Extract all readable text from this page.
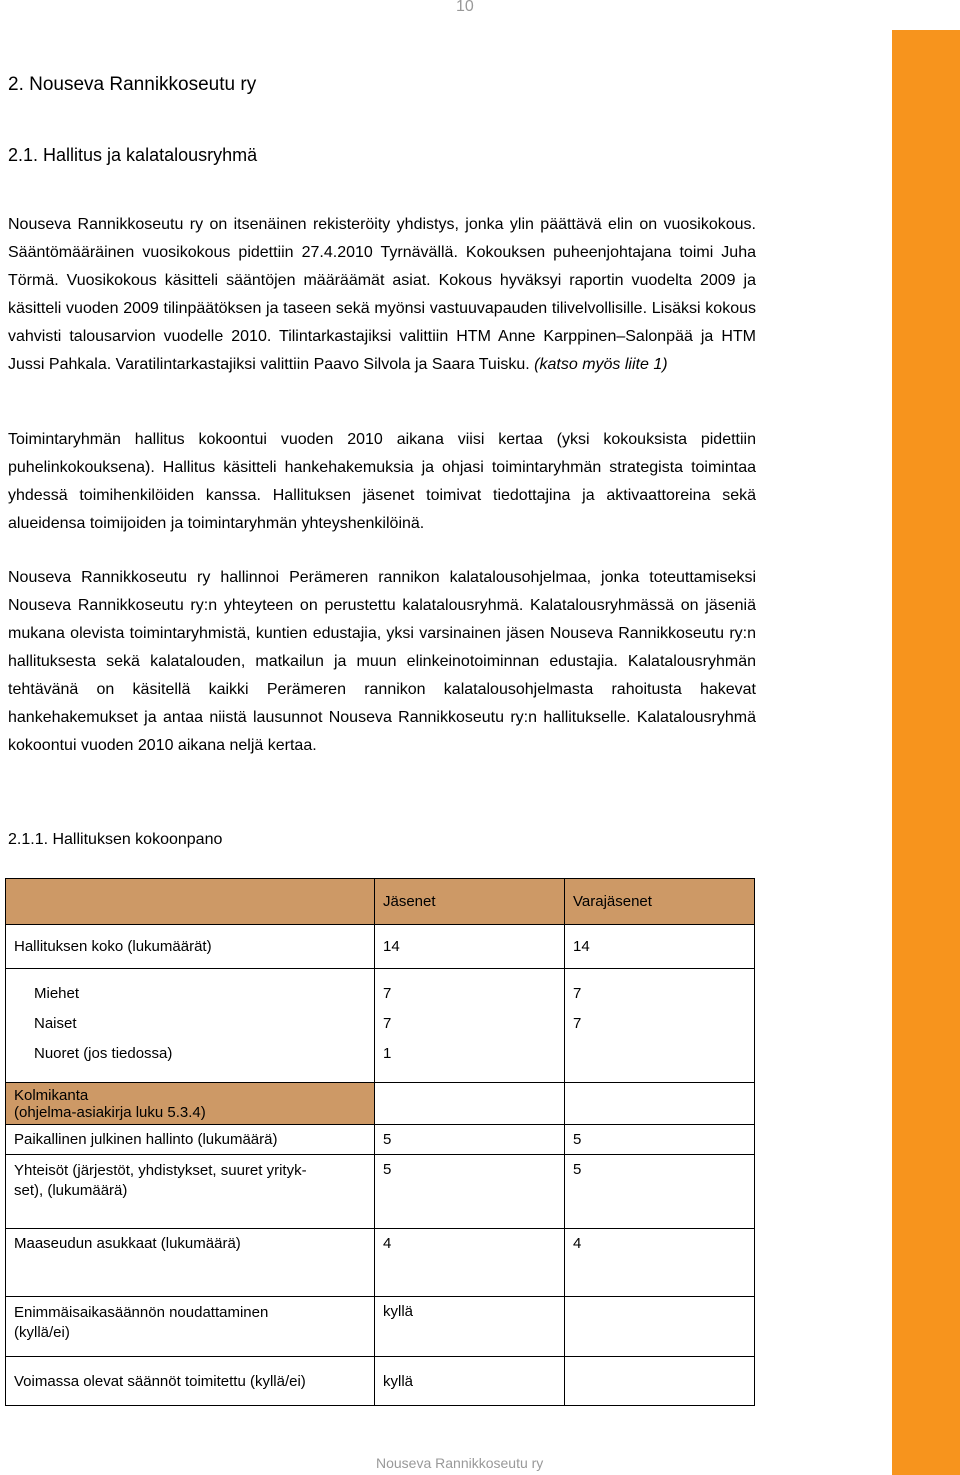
10
2. Nouseva Rannikkoseutu ry
2.1. Hallitus ja kalatalousryhmä
Nouseva Rannikkoseutu ry on itsenäinen rekisteröity yhdistys, jonka ylin päättävä elin on vuosikokous. Sääntömääräinen vuosikokous pidettiin 27.4.2010 Tyrnävällä. Kokouksen puheenjohtajana toimi Juha Törmä. Vuosikokous käsitteli sääntöjen määräämät asiat. Kokous hyväksyi raportin vuodelta 2009 ja käsitteli vuoden 2009 tilinpäätöksen ja taseen sekä myönsi vastuuvapauden tilivelvollisille. Lisäksi kokous vahvisti talousarvion vuodelle 2010. Tilintarkastajiksi valittiin HTM Anne Karppinen–Salonpää ja HTM Jussi Pahkala. Varatilintarkastajiksi valittiin Paavo Silvola ja Saara Tuisku. (katso myös liite 1)
Toimintaryhmän hallitus kokoontui vuoden 2010 aikana viisi kertaa (yksi kokouksista pidettiin puhelinkokouksena). Hallitus käsitteli hankehakemuksia ja ohjasi toimintaryhmän strategista toimintaa yhdessä toimihenkilöiden kanssa. Hallituksen jäsenet toimivat tiedottajina ja aktivaattoreina sekä alueidensa toimijoiden ja toimintaryhmän yhteyshenkilöinä.
Nouseva Rannikkoseutu ry hallinnoi Perämeren rannikon kalatalousohjelmaa, jonka toteuttamiseksi Nouseva Rannikkoseutu ry:n yhteyteen on perustettu kalatalousryhmä. Kalatalousryhmässä on jäseniä mukana olevista toimintaryhmistä, kuntien edustajia, yksi varsinainen jäsen Nouseva Rannikkoseutu ry:n hallituksesta sekä kalatalouden, matkailun ja muun elinkeinotoiminnan edustajia. Kalatalousryhmän tehtävänä on käsitellä kaikki Perämeren rannikon kalatalousohjelmasta rahoitusta hakevat hankehakemukset ja antaa niistä lausunnot Nouseva Rannikkoseutu ry:n hallitukselle. Kalatalousryhmä kokoontui vuoden 2010 aikana neljä kertaa.
2.1.1. Hallituksen kokoonpano
	Jäsenet	Varajäsenet
Hallituksen koko (lukumäärät)	14	14

Miehet	7	7
Naiset	7	7
Nuoret (jos tiedossa)	1	

Kolmikanta
(ohjelma-asiakirja luku 5.3.4)		
Paikallinen julkinen hallinto (lukumäärä)	5	5
Yhteisöt (järjestöt, yhdistykset, suuret yrityk-
set), (lukumäärä)	5	5
Maaseudun asukkaat (lukumäärä)	4	4
Enimmäisaikasäännön noudattaminen
(kyllä/ei)	kyllä	
Voimassa olevat säännöt toimitettu (kyllä/ei)	kyllä	
Nouseva Rannikkoseutu ry
